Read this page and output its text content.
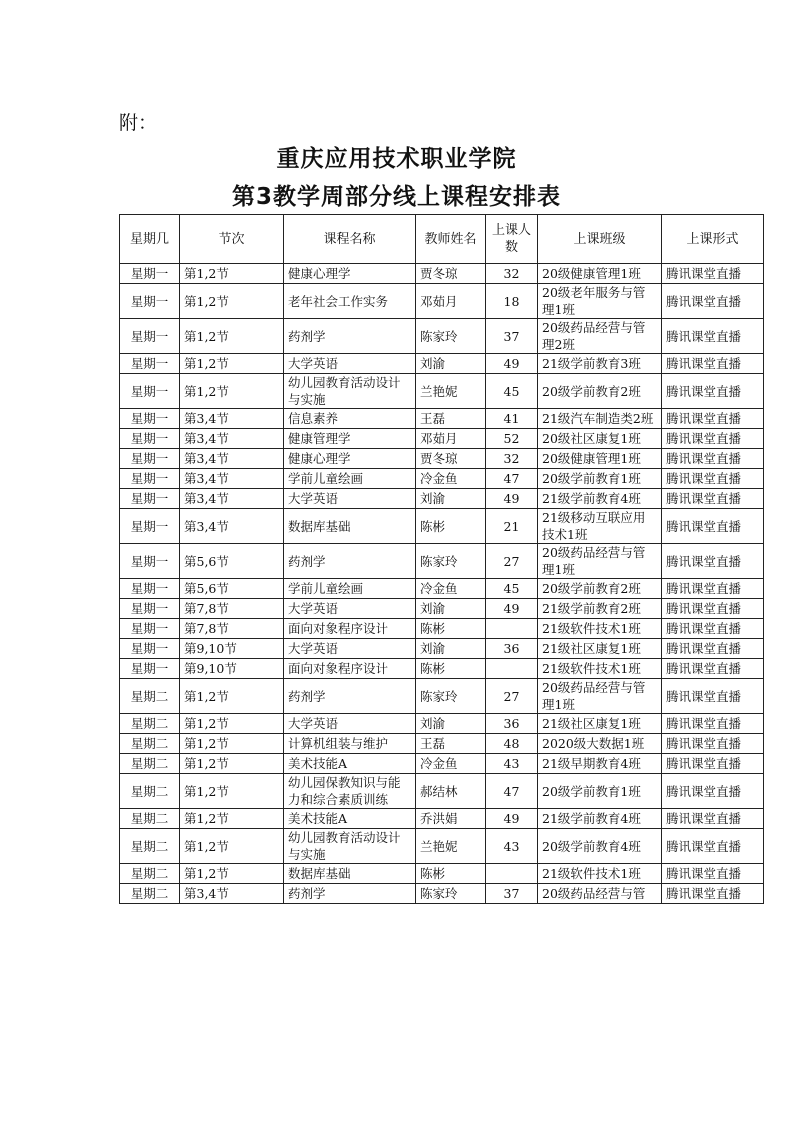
附：
重庆应用技术职业学院
第3教学周部分线上课程安排表
星期几	节次	课程名称	教师姓名	上课人数	上课班级	上课形式
星期一	第1,2节	健康心理学	贾冬琼	32	20级健康管理1班	腾讯课堂直播
星期一	第1,2节	老年社会工作实务	邓茹月	18	20级老年服务与管理1班	腾讯课堂直播
星期一	第1,2节	药剂学	陈家玲	37	20级药品经营与管理2班	腾讯课堂直播
星期一	第1,2节	大学英语	刘渝	49	21级学前教育3班	腾讯课堂直播
星期一	第1,2节	幼儿园教育活动设计与实施	兰艳妮	45	20级学前教育2班	腾讯课堂直播
星期一	第3,4节	信息素养	王磊	41	21级汽车制造类2班	腾讯课堂直播
星期一	第3,4节	健康管理学	邓茹月	52	20级社区康复1班	腾讯课堂直播
星期一	第3,4节	健康心理学	贾冬琼	32	20级健康管理1班	腾讯课堂直播
星期一	第3,4节	学前儿童绘画	冷金鱼	47	20级学前教育1班	腾讯课堂直播
星期一	第3,4节	大学英语	刘渝	49	21级学前教育4班	腾讯课堂直播
星期一	第3,4节	数据库基础	陈彬	21	21级移动互联应用技术1班	腾讯课堂直播
星期一	第5,6节	药剂学	陈家玲	27	20级药品经营与管理1班	腾讯课堂直播
星期一	第5,6节	学前儿童绘画	冷金鱼	45	20级学前教育2班	腾讯课堂直播
星期一	第7,8节	大学英语	刘渝	49	21级学前教育2班	腾讯课堂直播
星期一	第7,8节	面向对象程序设计	陈彬		21级软件技术1班	腾讯课堂直播
星期一	第9,10节	大学英语	刘渝	36	21级社区康复1班	腾讯课堂直播
星期一	第9,10节	面向对象程序设计	陈彬		21级软件技术1班	腾讯课堂直播
星期二	第1,2节	药剂学	陈家玲	27	20级药品经营与管理1班	腾讯课堂直播
星期二	第1,2节	大学英语	刘渝	36	21级社区康复1班	腾讯课堂直播
星期二	第1,2节	计算机组装与维护	王磊	48	2020级大数据1班	腾讯课堂直播
星期二	第1,2节	美术技能A	冷金鱼	43	21级早期教育4班	腾讯课堂直播
星期二	第1,2节	幼儿园保教知识与能力和综合素质训练	郝结林	47	20级学前教育1班	腾讯课堂直播
星期二	第1,2节	美术技能A	乔洪娟	49	21级学前教育4班	腾讯课堂直播
星期二	第1,2节	幼儿园教育活动设计与实施	兰艳妮	43	20级学前教育4班	腾讯课堂直播
星期二	第1,2节	数据库基础	陈彬		21级软件技术1班	腾讯课堂直播
星期二	第3,4节	药剂学	陈家玲	37	20级药品经营与管	腾讯课堂直播
